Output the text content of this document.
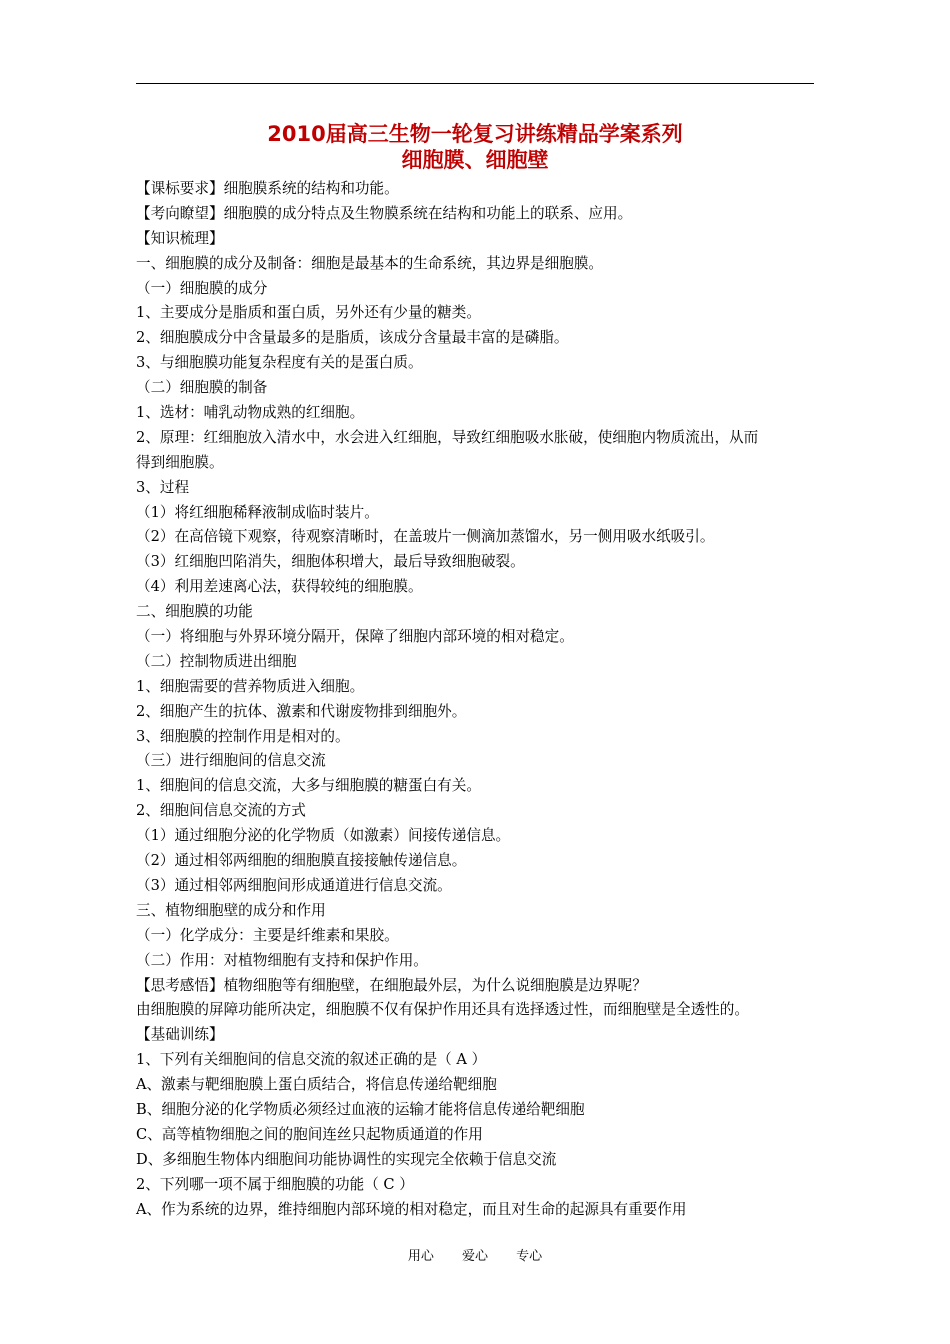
2010届高三生物一轮复习讲练精品学案系列
细胞膜、细胞壁
【课标要求】细胞膜系统的结构和功能。
【考向瞭望】细胞膜的成分特点及生物膜系统在结构和功能上的联系、应用。
【知识梳理】
一、细胞膜的成分及制备：细胞是最基本的生命系统，其边界是细胞膜。
（一）细胞膜的成分
1、主要成分是脂质和蛋白质，另外还有少量的糖类。
2、细胞膜成分中含量最多的是脂质，该成分含量最丰富的是磷脂。
3、与细胞膜功能复杂程度有关的是蛋白质。
（二）细胞膜的制备
1、选材：哺乳动物成熟的红细胞。
2、原理：红细胞放入清水中，水会进入红细胞，导致红细胞吸水胀破，使细胞内物质流出，从而
得到细胞膜。
3、过程
（1）将红细胞稀释液制成临时装片。
（2）在高倍镜下观察，待观察清晰时，在盖玻片一侧滴加蒸馏水，另一侧用吸水纸吸引。
（3）红细胞凹陷消失，细胞体积增大，最后导致细胞破裂。
（4）利用差速离心法，获得较纯的细胞膜。
二、细胞膜的功能
（一）将细胞与外界环境分隔开，保障了细胞内部环境的相对稳定。
（二）控制物质进出细胞
1、细胞需要的营养物质进入细胞。
2、细胞产生的抗体、激素和代谢废物排到细胞外。
3、细胞膜的控制作用是相对的。
（三）进行细胞间的信息交流
1、细胞间的信息交流，大多与细胞膜的糖蛋白有关。
2、细胞间信息交流的方式
（1）通过细胞分泌的化学物质（如激素）间接传递信息。
（2）通过相邻两细胞的细胞膜直接接触传递信息。
（3）通过相邻两细胞间形成通道进行信息交流。
三、植物细胞壁的成分和作用
（一）化学成分：主要是纤维素和果胶。
（二）作用：对植物细胞有支持和保护作用。
【思考感悟】植物细胞等有细胞壁，在细胞最外层，为什么说细胞膜是边界呢？
由细胞膜的屏障功能所决定，细胞膜不仅有保护作用还具有选择透过性，而细胞壁是全透性的。
【基础训练】
1、下列有关细胞间的信息交流的叙述正确的是（ A ）
A、激素与靶细胞膜上蛋白质结合，将信息传递给靶细胞
B、细胞分泌的化学物质必须经过血液的运输才能将信息传递给靶细胞
C、高等植物细胞之间的胞间连丝只起物质通道的作用
D、多细胞生物体内细胞间功能协调性的实现完全依赖于信息交流
2、下列哪一项不属于细胞膜的功能（ C ）
A、作为系统的边界，维持细胞内部环境的相对稳定，而且对生命的起源具有重要作用
用心 爱心 专心
